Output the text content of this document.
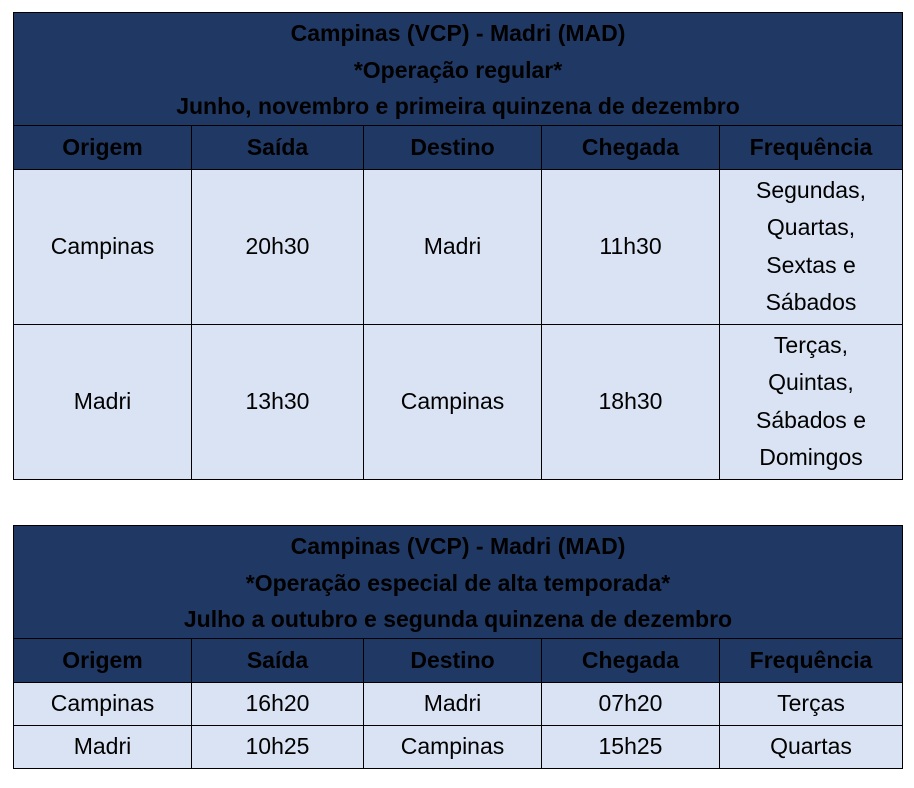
Campinas (VCP) - Madri (MAD)
*Operação regular*
Junho, novembro e primeira quinzena de dezembro				

Origem	Saída	Destino	Chegada	Frequência
Campinas	20h30	Madri	11h30	Segundas,
Quartas,
Sextas e
Sábados

Madri	13h30	Campinas	18h30	Terças,
Quintas,
Sábados e
Domingos
Campinas (VCP) - Madri (MAD)
*Operação especial de alta temporada*
Julho a outubro e segunda quinzena de dezembro				

Origem	Saída	Destino	Chegada	Frequência
Campinas	16h20	Madri	07h20	Terças

Madri	10h25	Campinas	15h25	Quartas
